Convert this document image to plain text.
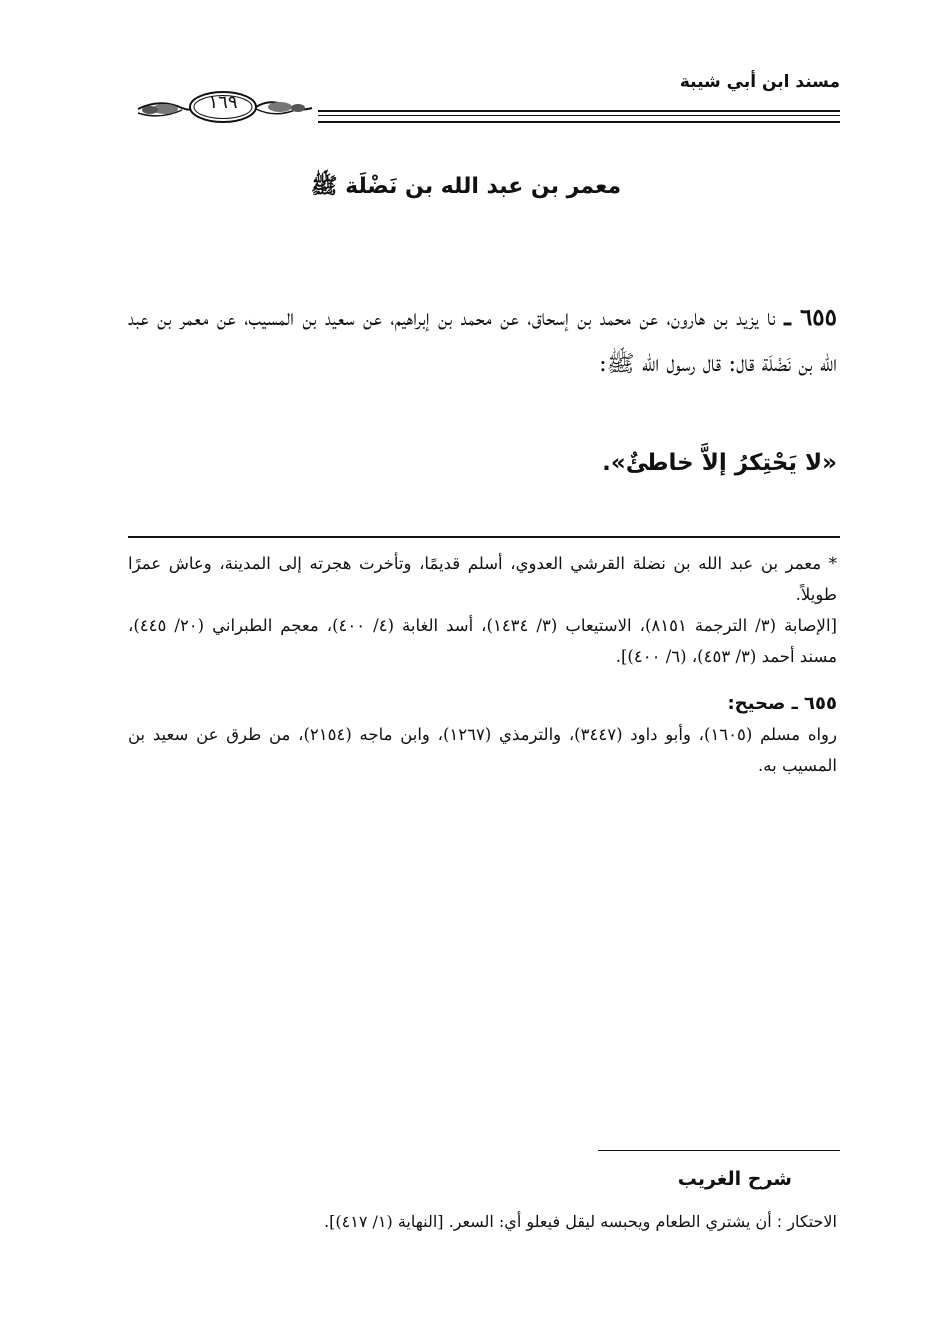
مسند ابن أبي شيبة
١٦٩
معمر بن عبد الله بن نَضْلَة ﷺ
٦٥٥ ـ نا يزيد بن هارون، عن محمد بن إسحاق، عن محمد بن إبراهيم، عن سعيد بن المسيب، عن معمر بن عبد الله بن نَضْلَة قال: قال رسول الله ﷺ:
«لا يَحْتِكرُ إلاَّ خاطئٌ».

* معمر بن عبد الله بن نضلة القرشي العدوي، أسلم قديمًا، وتأخرت هجرته إلى المدينة، وعاش عمرًا طويلاً.

[الإصابة (٣/ الترجمة ٨١٥١)، الاستيعاب (٣/ ١٤٣٤)، أسد الغابة (٤/ ٤٠٠)، معجم الطبراني (٢٠/ ٤٤٥)، مسند أحمد (٣/ ٤٥٣)، (٦/ ٤٠٠)].

٦٥٥ ـ صحيح:

رواه مسلم (١٦٠٥)، وأبو داود (٣٤٤٧)، والترمذي (١٢٦٧)، وابن ماجه (٢١٥٤)، من طرق عن سعيد بن المسيب به.

شرح الغريب
الاحتكار : أن يشتري الطعام ويحبسه ليقل فيعلو أي: السعر. [النهاية (١/ ٤١٧)].
